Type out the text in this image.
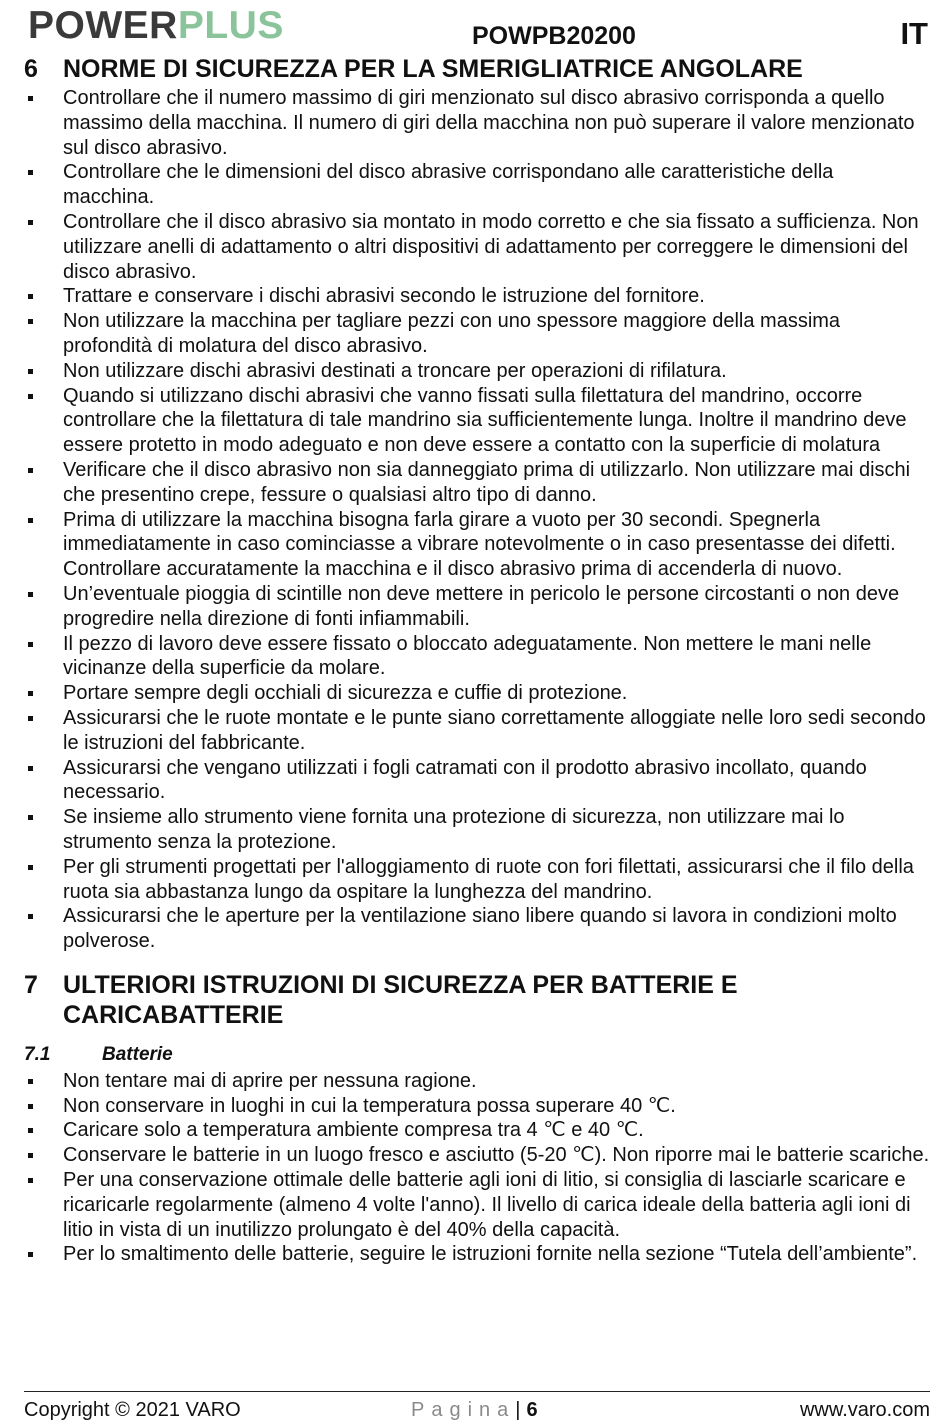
POWERPLUS	POWPB20200	IT
6	NORME DI SICUREZZA PER LA SMERIGLIATRICE ANGOLARE
Controllare che il numero massimo di giri menzionato sul disco abrasivo corrisponda a quello massimo della macchina. Il numero di giri della macchina non può superare il valore menzionato sul disco abrasivo.
Controllare che le dimensioni del disco abrasive corrispondano alle caratteristiche della macchina.
Controllare che il disco abrasivo sia montato in modo corretto e che sia fissato a sufficienza. Non utilizzare anelli di adattamento o altri dispositivi di adattamento per correggere le dimensioni del disco abrasivo.
Trattare e conservare i dischi abrasivi secondo le istruzione del fornitore.
Non utilizzare la macchina per tagliare pezzi con uno spessore maggiore della massima profondità di molatura del disco abrasivo.
Non utilizzare dischi abrasivi destinati a troncare per operazioni di rifilatura.
Quando si utilizzano dischi abrasivi che vanno fissati sulla filettatura del mandrino, occorre controllare che la filettatura di tale mandrino sia sufficientemente lunga. Inoltre il mandrino deve essere protetto in modo adeguato e non deve essere a contatto con la superficie di molatura
Verificare che il disco abrasivo non sia danneggiato prima di utilizzarlo. Non utilizzare mai dischi che presentino crepe, fessure o qualsiasi altro tipo di danno.
Prima di utilizzare la macchina bisogna farla girare a vuoto per 30 secondi. Spegnerla immediatamente in caso cominciasse a vibrare notevolmente o in caso presentasse dei difetti. Controllare accuratamente la macchina e il disco abrasivo prima di accenderla di nuovo.
Un’eventuale pioggia di scintille non deve mettere in pericolo le persone circostanti o non deve progredire nella direzione di fonti infiammabili.
Il pezzo di lavoro deve essere fissato o bloccato adeguatamente. Non mettere le mani nelle vicinanze della superficie da molare.
Portare sempre degli occhiali di sicurezza e cuffie di protezione.
Assicurarsi che le ruote montate e le punte siano correttamente alloggiate nelle loro sedi secondo le istruzioni del fabbricante.
Assicurarsi che vengano utilizzati i fogli catramati con il prodotto abrasivo incollato, quando necessario.
Se insieme allo strumento viene fornita una protezione di sicurezza, non utilizzare mai lo strumento senza la protezione.
Per gli strumenti progettati per l'alloggiamento di ruote con fori filettati, assicurarsi che il filo della ruota sia abbastanza lungo da ospitare la lunghezza del mandrino.
Assicurarsi che le aperture per la ventilazione siano libere quando si lavora in condizioni molto polverose.
7	ULTERIORI ISTRUZIONI DI SICUREZZA PER BATTERIE E CARICABATTERIE
7.1	Batterie
Non tentare mai di aprire per nessuna ragione.
Non conservare in luoghi in cui la temperatura possa superare 40 ℃.
Caricare solo a temperatura ambiente compresa tra 4 ℃ e 40 ℃.
Conservare le batterie in un luogo fresco e asciutto (5-20 ℃). Non riporre mai le batterie scariche.
Per una conservazione ottimale delle batterie agli ioni di litio, si consiglia di lasciarle scaricare e ricaricarle regolarmente (almeno 4 volte l'anno). Il livello di carica ideale della batteria agli ioni di litio in vista di un inutilizzo prolungato è del 40% della capacità.
Per lo smaltimento delle batterie, seguire le istruzioni fornite nella sezione “Tutela dell’ambiente”.
Copyright © 2021 VARO	Pagina| 6	www.varo.com
